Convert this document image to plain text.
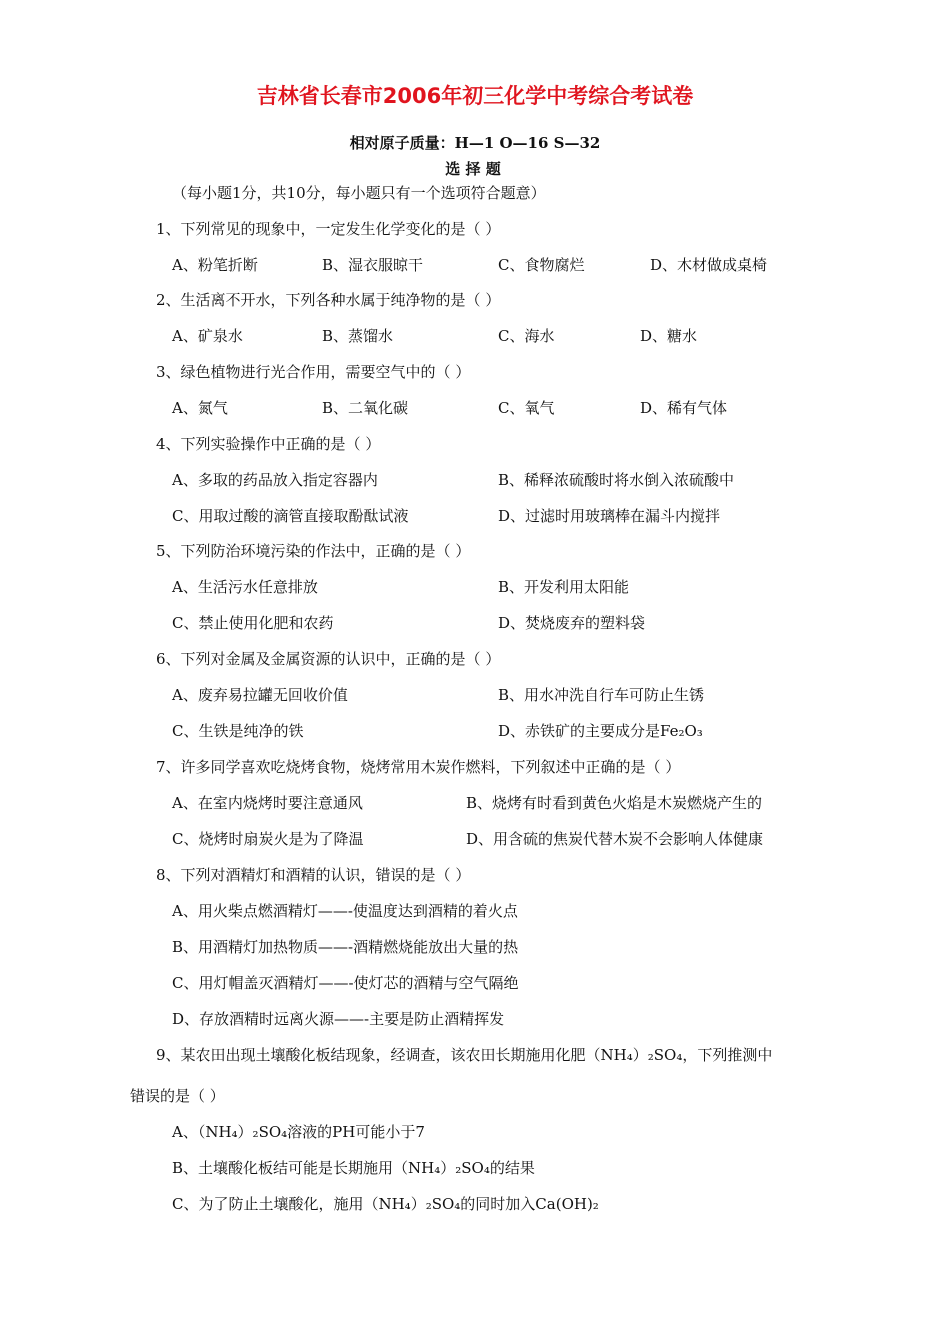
吉林省长春市2006年初三化学中考综合考试卷
相对原子质量：H—1 O—16 S—32
选 择 题
（每小题1分，共10分，每小题只有一个选项符合题意）
1、下列常见的现象中，一定发生化学变化的是（ ）
A、粉笔折断	B、湿衣服晾干	C、食物腐烂	D、木材做成桌椅
2、生活离不开水，下列各种水属于纯净物的是（ ）
A、矿泉水	B、蒸馏水	C、海水	D、糖水
3、绿色植物进行光合作用，需要空气中的（ ）
A、氮气	B、二氧化碳	C、氧气	D、稀有气体
4、下列实验操作中正确的是（ ）
A、多取的药品放入指定容器内	B、稀释浓硫酸时将水倒入浓硫酸中
C、用取过酸的滴管直接取酚酞试液	D、过滤时用玻璃棒在漏斗内搅拌
5、下列防治环境污染的作法中，正确的是（ ）
A、生活污水任意排放	B、开发利用太阳能
C、禁止使用化肥和农药	D、焚烧废弃的塑料袋
6、下列对金属及金属资源的认识中，正确的是（ ）
A、废弃易拉罐无回收价值	B、用水冲洗自行车可防止生锈
C、生铁是纯净的铁	D、赤铁矿的主要成分是Fe₂O₃
7、许多同学喜欢吃烧烤食物，烧烤常用木炭作燃料，下列叙述中正确的是（ ）
A、在室内烧烤时要注意通风	B、烧烤有时看到黄色火焰是木炭燃烧产生的
C、烧烤时扇炭火是为了降温	D、用含硫的焦炭代替木炭不会影响人体健康
8、下列对酒精灯和酒精的认识，错误的是（ ）
A、用火柴点燃酒精灯——-使温度达到酒精的着火点
B、用酒精灯加热物质——-酒精燃烧能放出大量的热
C、用灯帽盖灭酒精灯——-使灯芯的酒精与空气隔绝
D、存放酒精时远离火源——-主要是防止酒精挥发
9、某农田出现土壤酸化板结现象，经调查，该农田长期施用化肥（NH₄）₂SO₄，下列推测中
错误的是（ ）
A、（NH₄）₂SO₄溶液的PH可能小于7
B、土壤酸化板结可能是长期施用（NH₄）₂SO₄的结果
C、为了防止土壤酸化，施用（NH₄）₂SO₄的同时加入Ca(OH)₂
